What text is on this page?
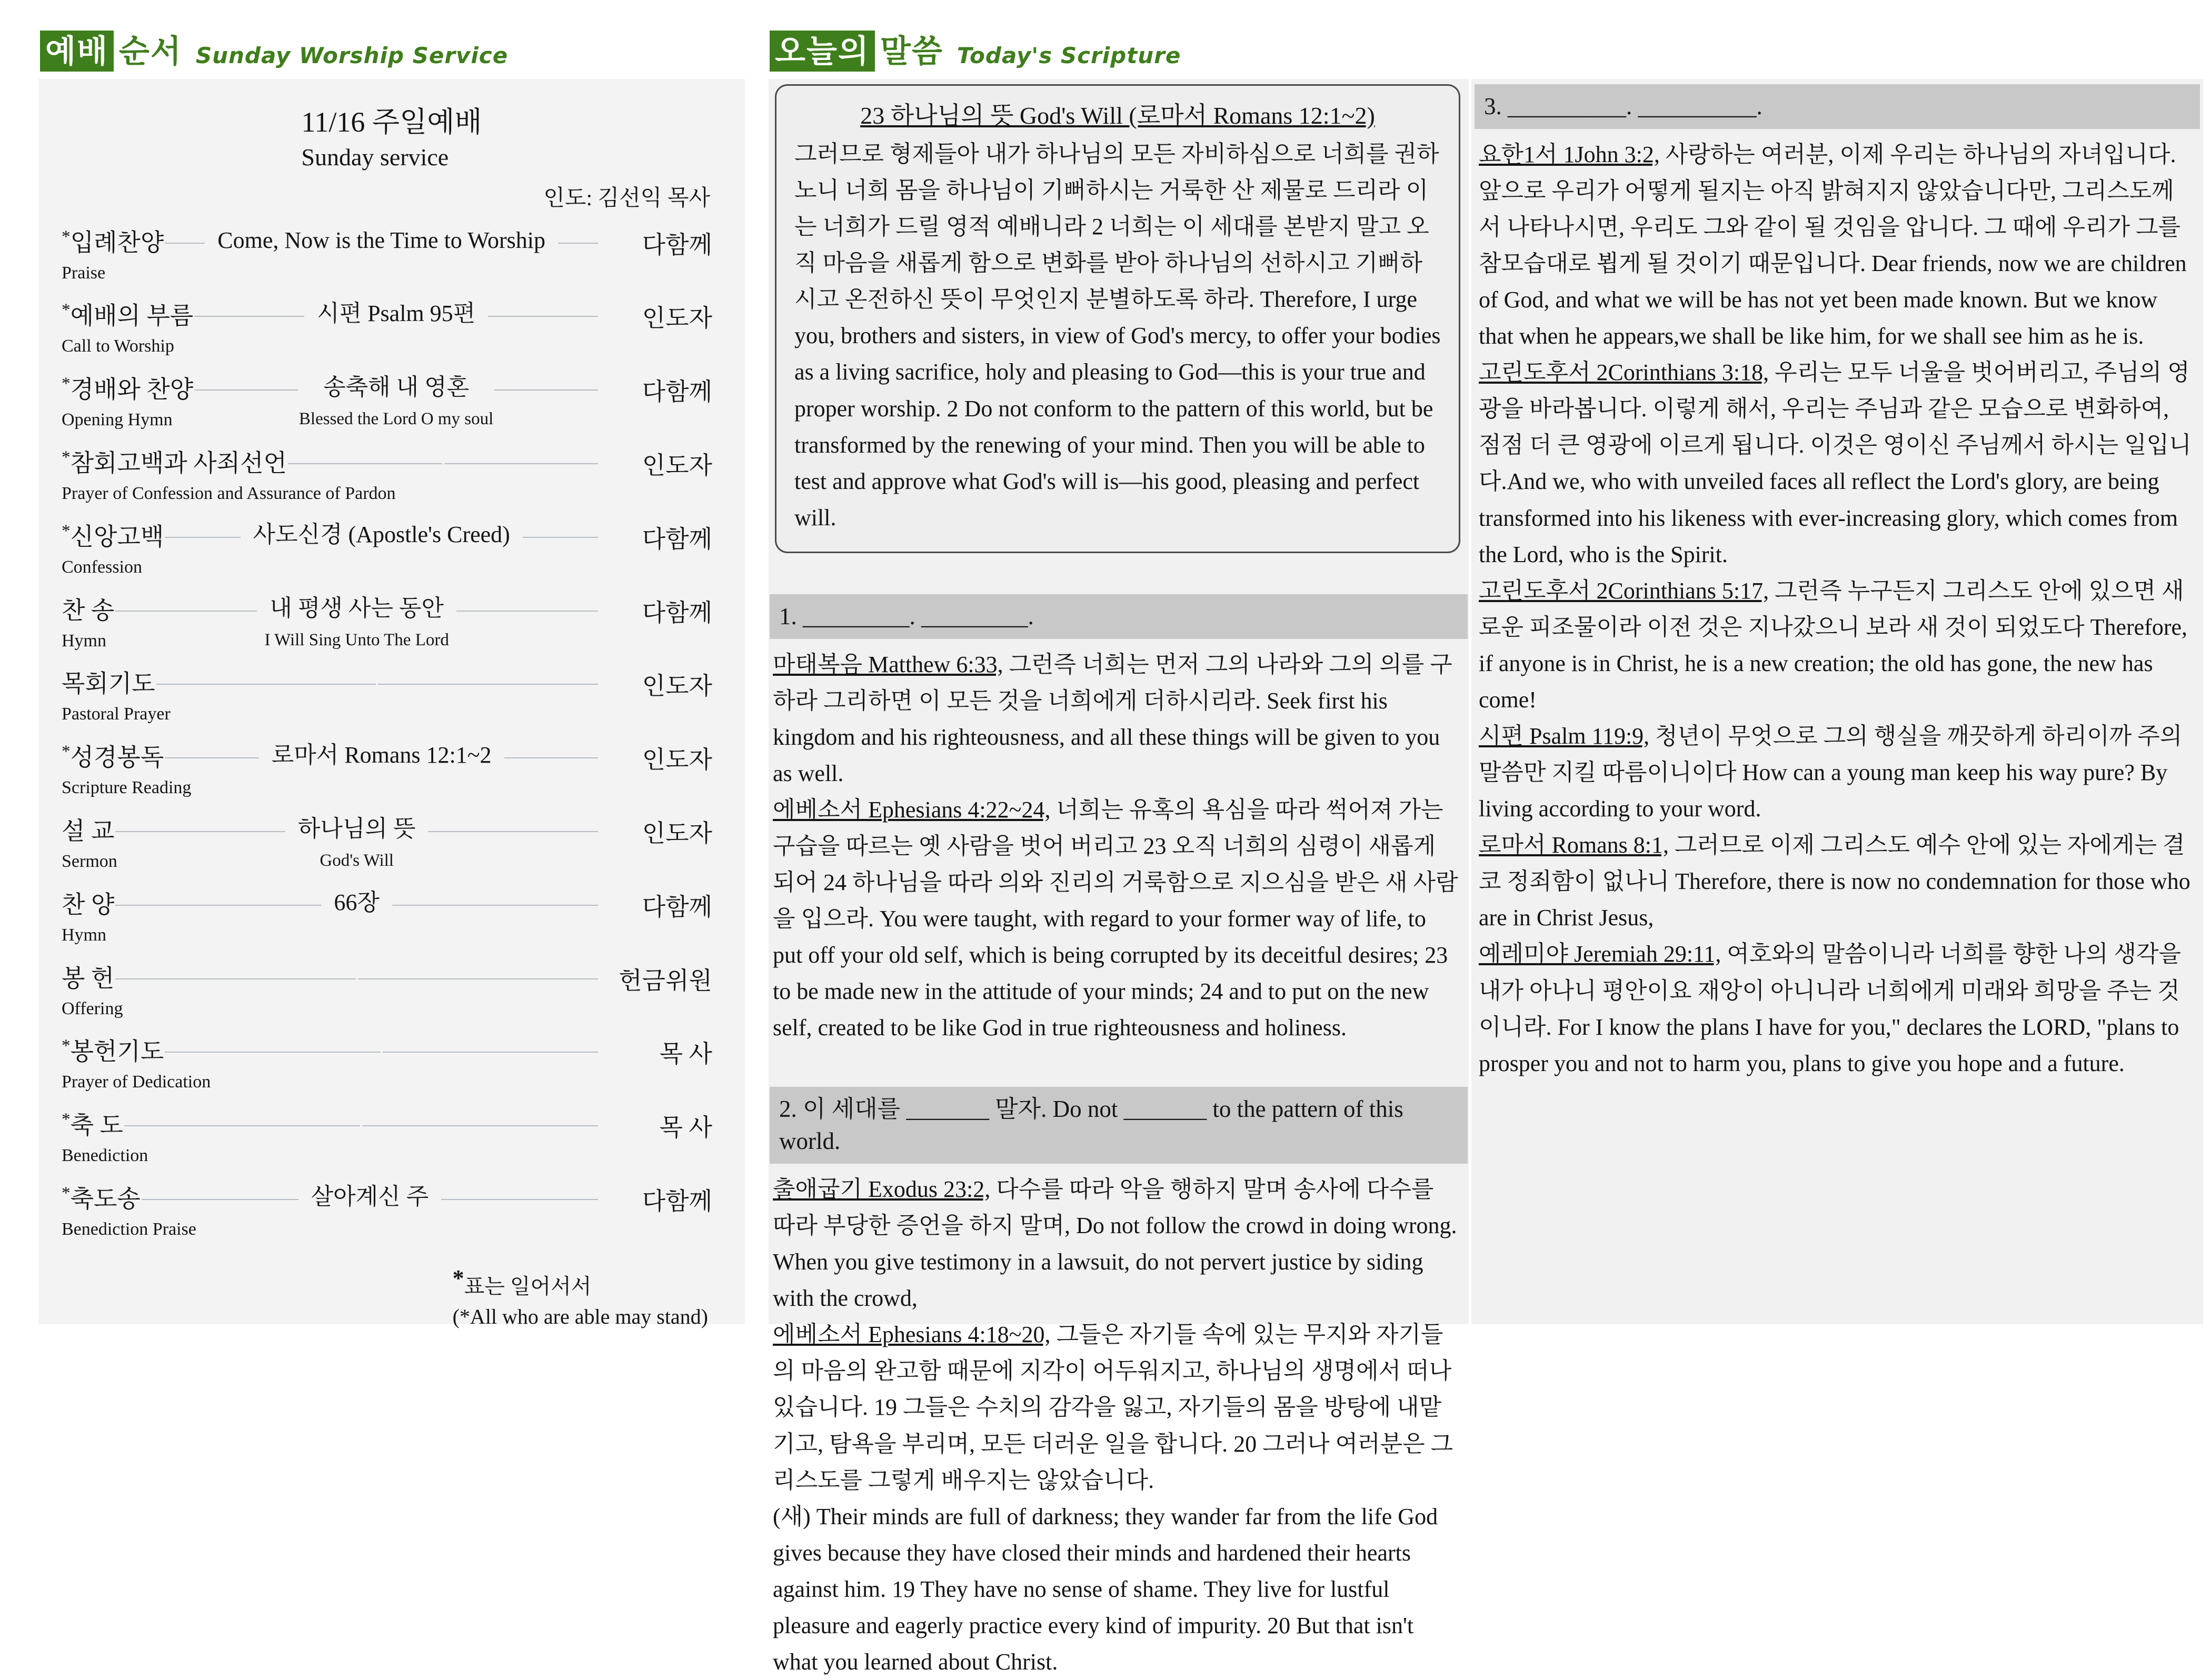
예배 순서 Sunday Worship Service	오늘의 말씀 Today's Scripture
11/16 주일예배
Sunday service
인도: 김선익 목사
*입례찬양	Come, Now is the Time to Worship	다함께
Praise
*예배의 부름	시편 Psalm 95편	인도자
Call to Worship
*경배와 찬양	송축해 내 영혼	다함께
Opening Hymn	Blessed the Lord O my soul
*참회고백과 사죄선언	인도자
Prayer of Confession and Assurance of Pardon
*신앙고백	사도신경 (Apostle's Creed)	다함께
Confession
찬 송	내 평생 사는 동안	다함께
Hymn	I Will Sing Unto The Lord
목회기도	인도자
Pastoral Prayer
*성경봉독	로마서 Romans 12:1~2	인도자
Scripture Reading
설 교	하나님의 뜻	인도자
Sermon	God's Will
찬 양	66장	다함께
Hymn
봉 헌	헌금위원
Offering
*봉헌기도	목 사
Prayer of Dedication
*축 도	목 사
Benediction
*축도송	살아계신 주	다함께
Benediction Praise
*표는 일어서서
(*All who are able may stand)
23 하나님의 뜻 God's Will (로마서 Romans 12:1~2)
그러므로 형제들아 내가 하나님의 모든 자비하심으로 너희를 권하노니 너희 몸을 하나님이 기뻐하시는 거룩한 산 제물로 드리라 이는 너희가 드릴 영적 예배니라 2 너희는 이 세대를 본받지 말고 오직 마음을 새롭게 함으로 변화를 받아 하나님의 선하시고 기뻐하시고 온전하신 뜻이 무엇인지 분별하도록 하라. Therefore, I urge you, brothers and sisters, in view of God's mercy, to offer your bodies as a living sacrifice, holy and pleasing to God—this is your true and proper worship. 2 Do not conform to the pattern of this world, but be transformed by the renewing of your mind. Then you will be able to test and approve what God's will is—his good, pleasing and perfect will.
1. _________. _________.

마태복음 Matthew 6:33, 그런즉 너희는 먼저 그의 나라와 그의 의를 구하라 그리하면 이 모든 것을 너희에게 더하시리라. Seek first his kingdom and his righteousness, and all these things will be given to you as well.

에베소서 Ephesians 4:22~24, 너희는 유혹의 욕심을 따라 썩어져 가는 구습을 따르는 옛 사람을 벗어 버리고 23 오직 너희의 심령이 새롭게 되어 24 하나님을 따라 의와 진리의 거룩함으로 지으심을 받은 새 사람을 입으라. You were taught, with regard to your former way of life, to put off your old self, which is being corrupted by its deceitful desires; 23 to be made new in the attitude of your minds; 24 and to put on the new self, created to be like God in true righteousness and holiness.

2. 이 세대를 _______ 말자. Do not _______ to the pattern of this world.

출애굽기 Exodus 23:2, 다수를 따라 악을 행하지 말며 송사에 다수를 따라 부당한 증언을 하지 말며, Do not follow the crowd in doing wrong. When you give testimony in a lawsuit, do not pervert justice by siding with the crowd,

에베소서 Ephesians 4:18~20, 그들은 자기들 속에 있는 무지와 자기들의 마음의 완고함 때문에 지각이 어두워지고, 하나님의 생명에서 떠나 있습니다. 19 그들은 수치의 감각을 잃고, 자기들의 몸을 방탕에 내맡기고, 탐욕을 부리며, 모든 더러운 일을 합니다. 20 그러나 여러분은 그리스도를 그렇게 배우지는 않았습니다.

(새) Their minds are full of darkness; they wander far from the life God gives because they have closed their minds and hardened their hearts against him. 19 They have no sense of shame. They live for lustful pleasure and eagerly practice every kind of impurity. 20 But that isn't what you learned about Christ.

3. __________. __________.

요한1서 1John 3:2, 사랑하는 여러분, 이제 우리는 하나님의 자녀입니다. 앞으로 우리가 어떻게 될지는 아직 밝혀지지 않았습니다만, 그리스도께서 나타나시면, 우리도 그와 같이 될 것임을 압니다. 그 때에 우리가 그를 참모습대로 뵙게 될 것이기 때문입니다. Dear friends, now we are children of God, and what we will be has not yet been made known. But we know that when he appears,we shall be like him, for we shall see him as he is.

고린도후서 2Corinthians 3:18, 우리는 모두 너울을 벗어버리고, 주님의 영광을 바라봅니다. 이렇게 해서, 우리는 주님과 같은 모습으로 변화하여, 점점 더 큰 영광에 이르게 됩니다. 이것은 영이신 주님께서 하시는 일입니다.And we, who with unveiled faces all reflect the Lord's glory, are being transformed into his likeness with ever-increasing glory, which comes from the Lord, who is the Spirit.

고린도후서 2Corinthians 5:17, 그런즉 누구든지 그리스도 안에 있으면 새로운 피조물이라 이전 것은 지나갔으니 보라 새 것이 되었도다 Therefore, if anyone is in Christ, he is a new creation; the old has gone, the new has come!

시편 Psalm 119:9, 청년이 무엇으로 그의 행실을 깨끗하게 하리이까 주의 말씀만 지킬 따름이니이다 How can a young man keep his way pure? By living according to your word.

로마서 Romans 8:1, 그러므로 이제 그리스도 예수 안에 있는 자에게는 결코 정죄함이 없나니 Therefore, there is now no condemnation for those who are in Christ Jesus,

예레미야 Jeremiah 29:11, 여호와의 말씀이니라 너희를 향한 나의 생각을 내가 아나니 평안이요 재앙이 아니니라 너희에게 미래와 희망을 주는 것이니라. For I know the plans I have for you," declares the LORD, "plans to prosper you and not to harm you, plans to give you hope and a future.
